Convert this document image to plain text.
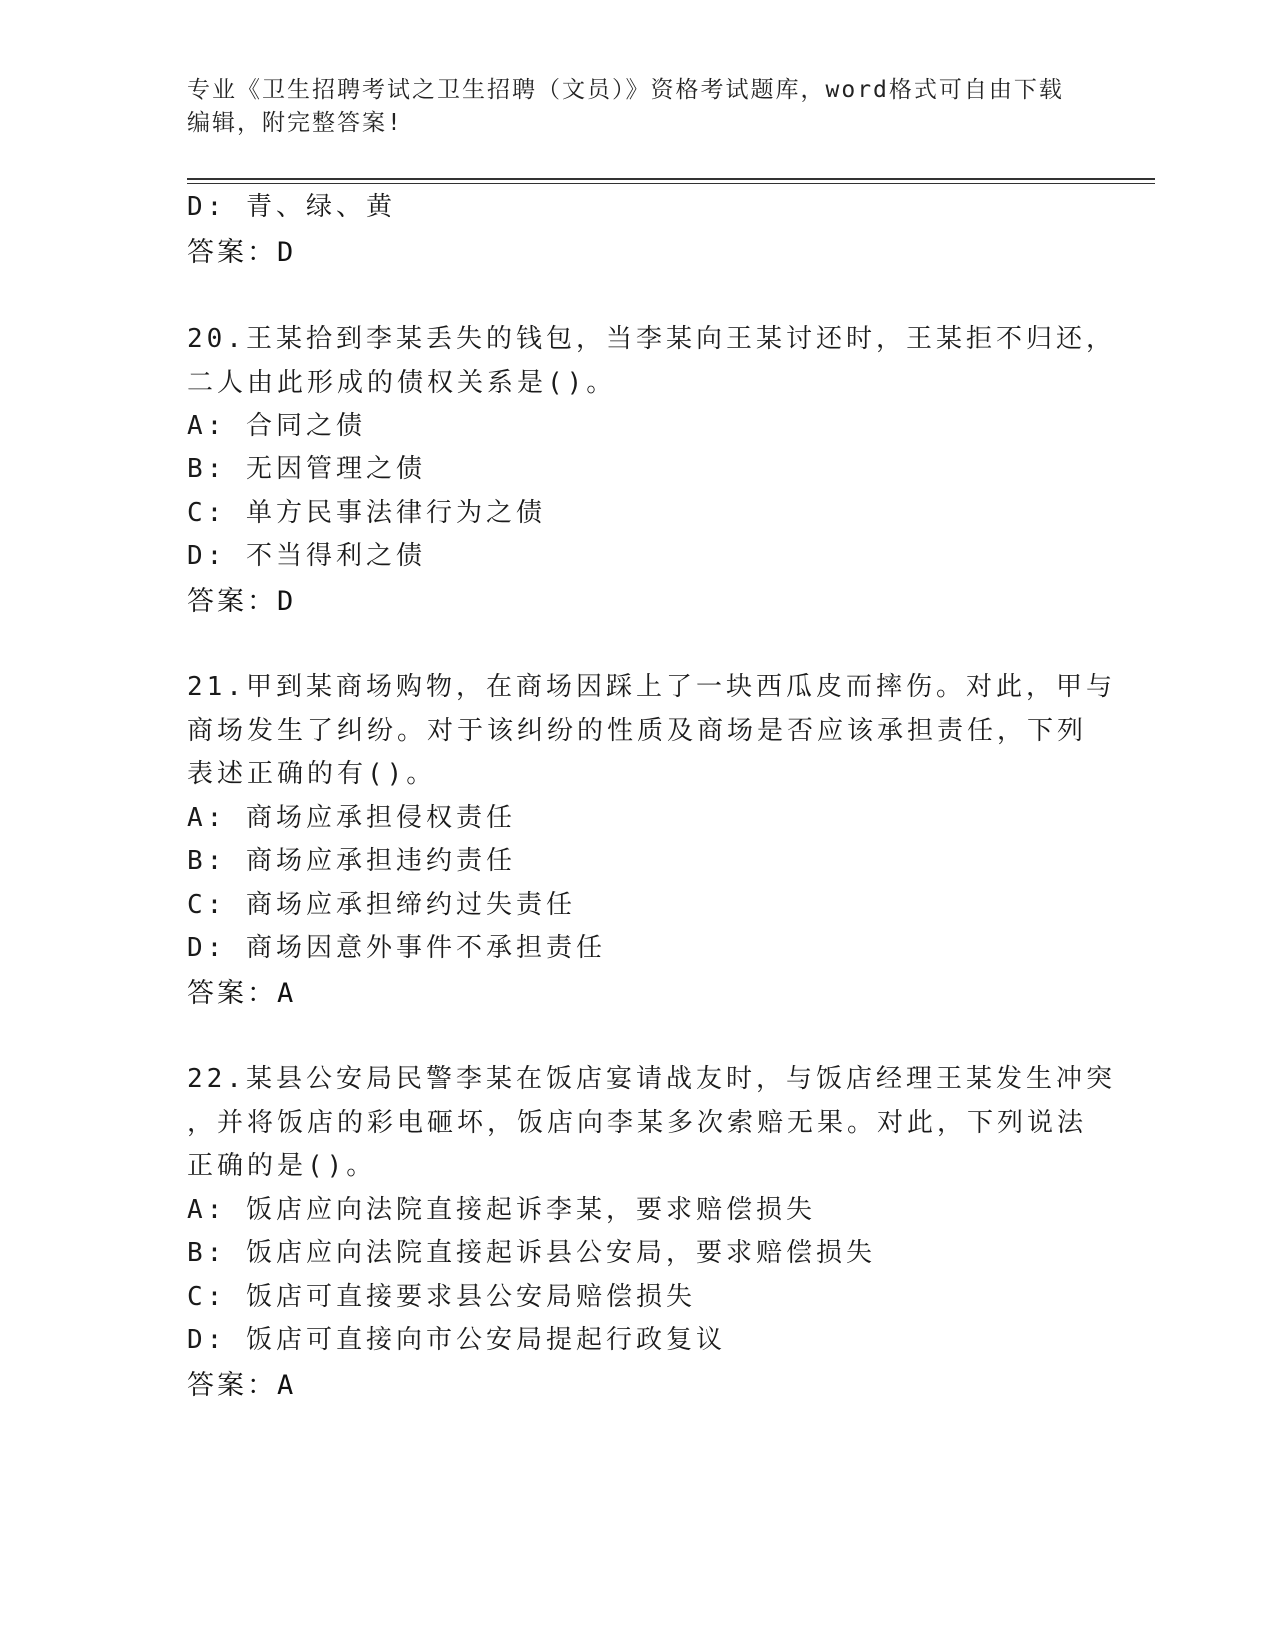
专业《卫生招聘考试之卫生招聘（文员）》资格考试题库，word格式可自由下载
编辑，附完整答案!
D: 青、绿、黄
答案：D
20.王某拾到李某丢失的钱包，当李某向王某讨还时，王某拒不归还，
二人由此形成的债权关系是()。
A: 合同之债
B: 无因管理之债
C: 单方民事法律行为之债
D: 不当得利之债
答案：D
21.甲到某商场购物，在商场因踩上了一块西瓜皮而摔伤。对此，甲与
商场发生了纠纷。对于该纠纷的性质及商场是否应该承担责任，下列
表述正确的有()。
A: 商场应承担侵权责任
B: 商场应承担违约责任
C: 商场应承担缔约过失责任
D: 商场因意外事件不承担责任
答案：A
22.某县公安局民警李某在饭店宴请战友时，与饭店经理王某发生冲突
，并将饭店的彩电砸坏，饭店向李某多次索赔无果。对此，下列说法
正确的是()。
A: 饭店应向法院直接起诉李某，要求赔偿损失
B: 饭店应向法院直接起诉县公安局，要求赔偿损失
C: 饭店可直接要求县公安局赔偿损失
D: 饭店可直接向市公安局提起行政复议
答案：A
